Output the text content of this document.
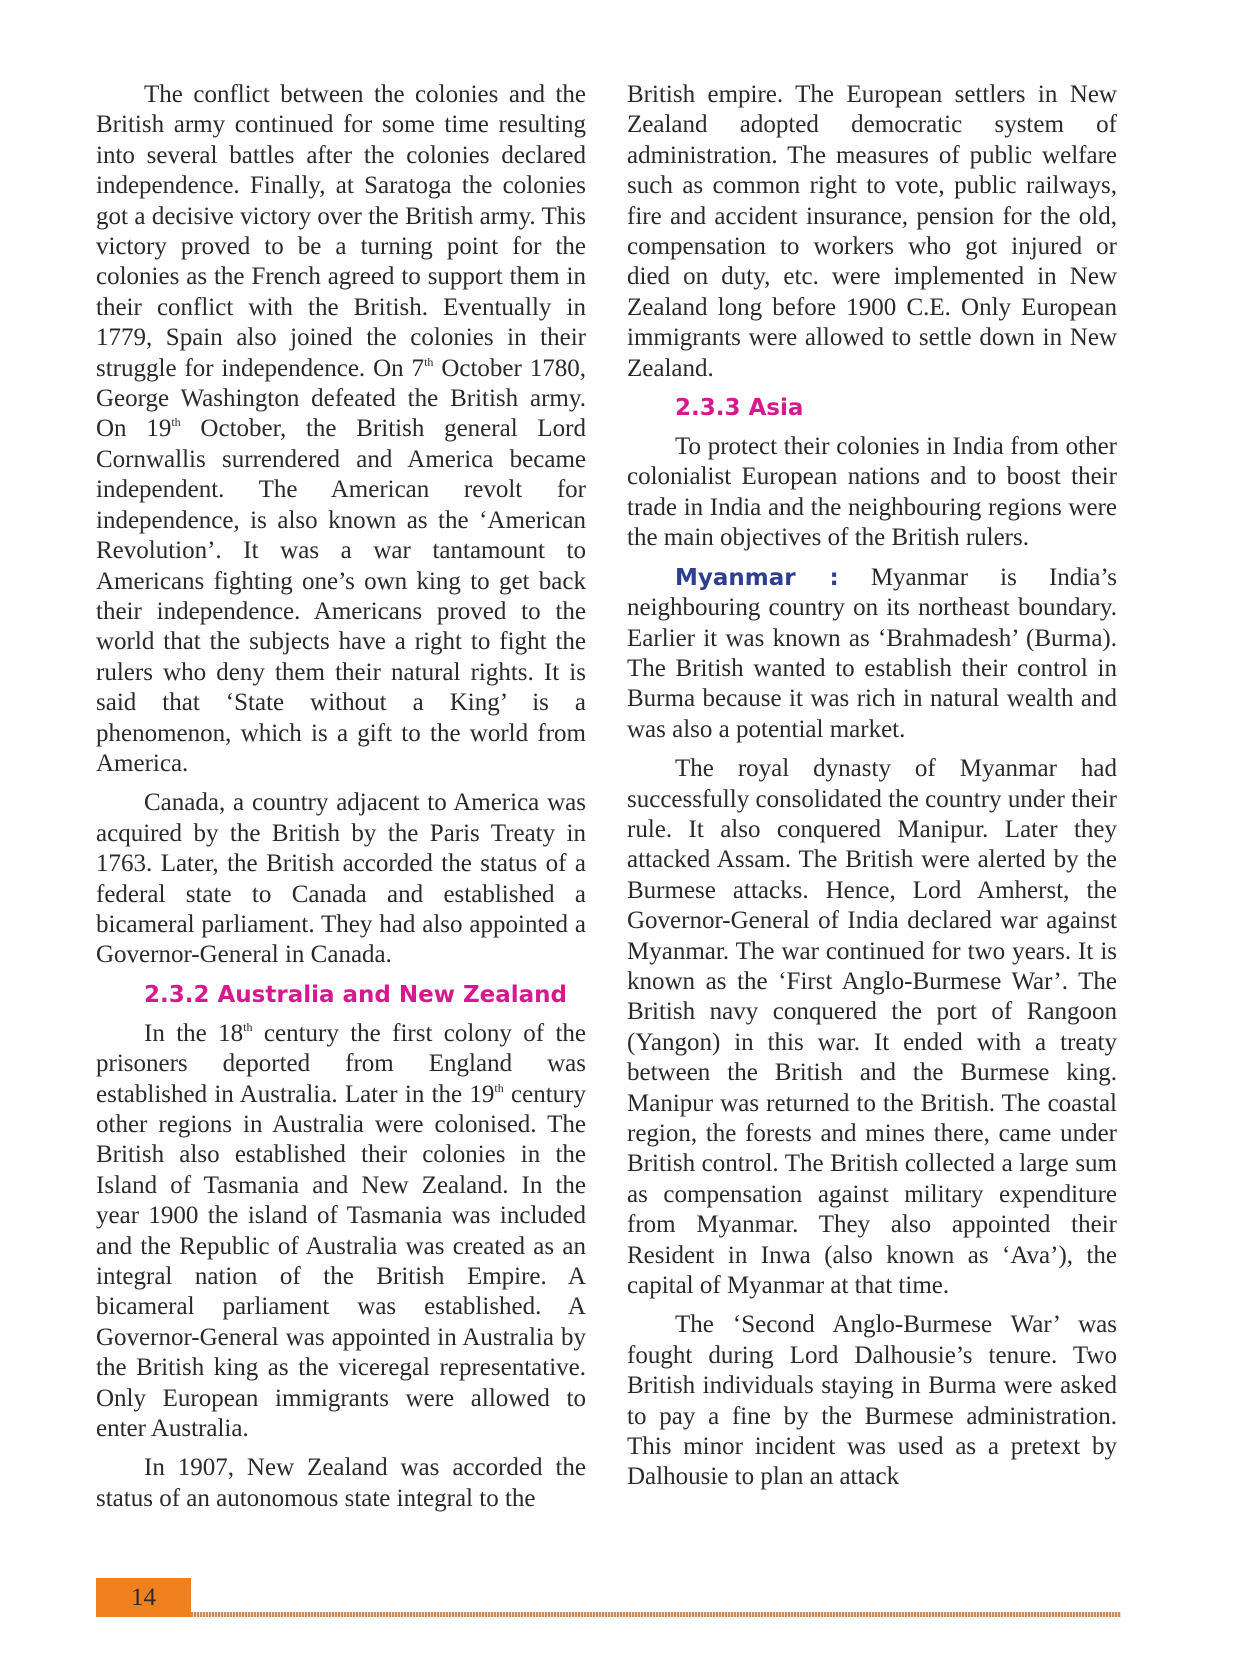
The conflict between the colonies and the British army continued for some time resulting into several battles after the colonies declared independence. Finally, at Saratoga the colonies got a decisive victory over the British army. This victory proved to be a turning point for the colonies as the French agreed to support them in their conflict with the British. Eventually in 1779, Spain also joined the colonies in their struggle for independence. On 7th October 1780, George Washington defeated the British army. On 19th October, the British general Lord Cornwallis surrendered and America became independent. The American revolt for independence, is also known as the ‘American Revolution’. It was a war tantamount to Americans fighting one’s own king to get back their independence. Americans proved to the world that the subjects have a right to fight the rulers who deny them their natural rights. It is said that ‘State without a King’ is a phenomenon, which is a gift to the world from America.

Canada, a country adjacent to America was acquired by the British by the Paris Treaty in 1763. Later, the British accorded the status of a federal state to Canada and established a bicameral parliament. They had also appointed a Governor-General in Canada.

2.3.2 Australia and New Zealand

In the 18th century the first colony of the prisoners deported from England was established in Australia. Later in the 19th century other regions in Australia were colonised. The British also established their colonies in the Island of Tasmania and New Zealand. In the year 1900 the island of Tasmania was included and the Republic of Australia was created as an integral nation of the British Empire. A bicameral parliament was established. A Governor-General was appointed in Australia by the British king as the viceregal representative. Only European immigrants were allowed to enter Australia.

In 1907, New Zealand was accorded the status of an autonomous state integral to the

British empire. The European settlers in New Zealand adopted democratic system of administration. The measures of public welfare such as common right to vote, public railways, fire and accident insurance, pension for the old, compensation to workers who got injured or died on duty, etc. were implemented in New Zealand long before 1900 C.E. Only European immigrants were allowed to settle down in New Zealand.

2.3.3 Asia

To protect their colonies in India from other colonialist European nations and to boost their trade in India and the neighbouring regions were the main objectives of the British rulers.

Myanmar : Myanmar is India’s neighbouring country on its northeast boundary. Earlier it was known as ‘Brahmadesh’ (Burma). The British wanted to establish their control in Burma because it was rich in natural wealth and was also a potential market.

The royal dynasty of Myanmar had successfully consolidated the country under their rule. It also conquered Manipur. Later they attacked Assam. The British were alerted by the Burmese attacks. Hence, Lord Amherst, the Governor-General of India declared war against Myanmar. The war continued for two years. It is known as the ‘First Anglo-Burmese War’. The British navy conquered the port of Rangoon (Yangon) in this war. It ended with a treaty between the British and the Burmese king. Manipur was returned to the British. The coastal region, the forests and mines there, came under British control. The British collected a large sum as compensation against military expenditure from Myanmar. They also appointed their Resident in Inwa (also known as ‘Ava’), the capital of Myanmar at that time.

The ‘Second Anglo-Burmese War’ was fought during Lord Dalhousie’s tenure. Two British individuals staying in Burma were asked to pay a fine by the Burmese administration. This minor incident was used as a pretext by Dalhousie to plan an attack

14
